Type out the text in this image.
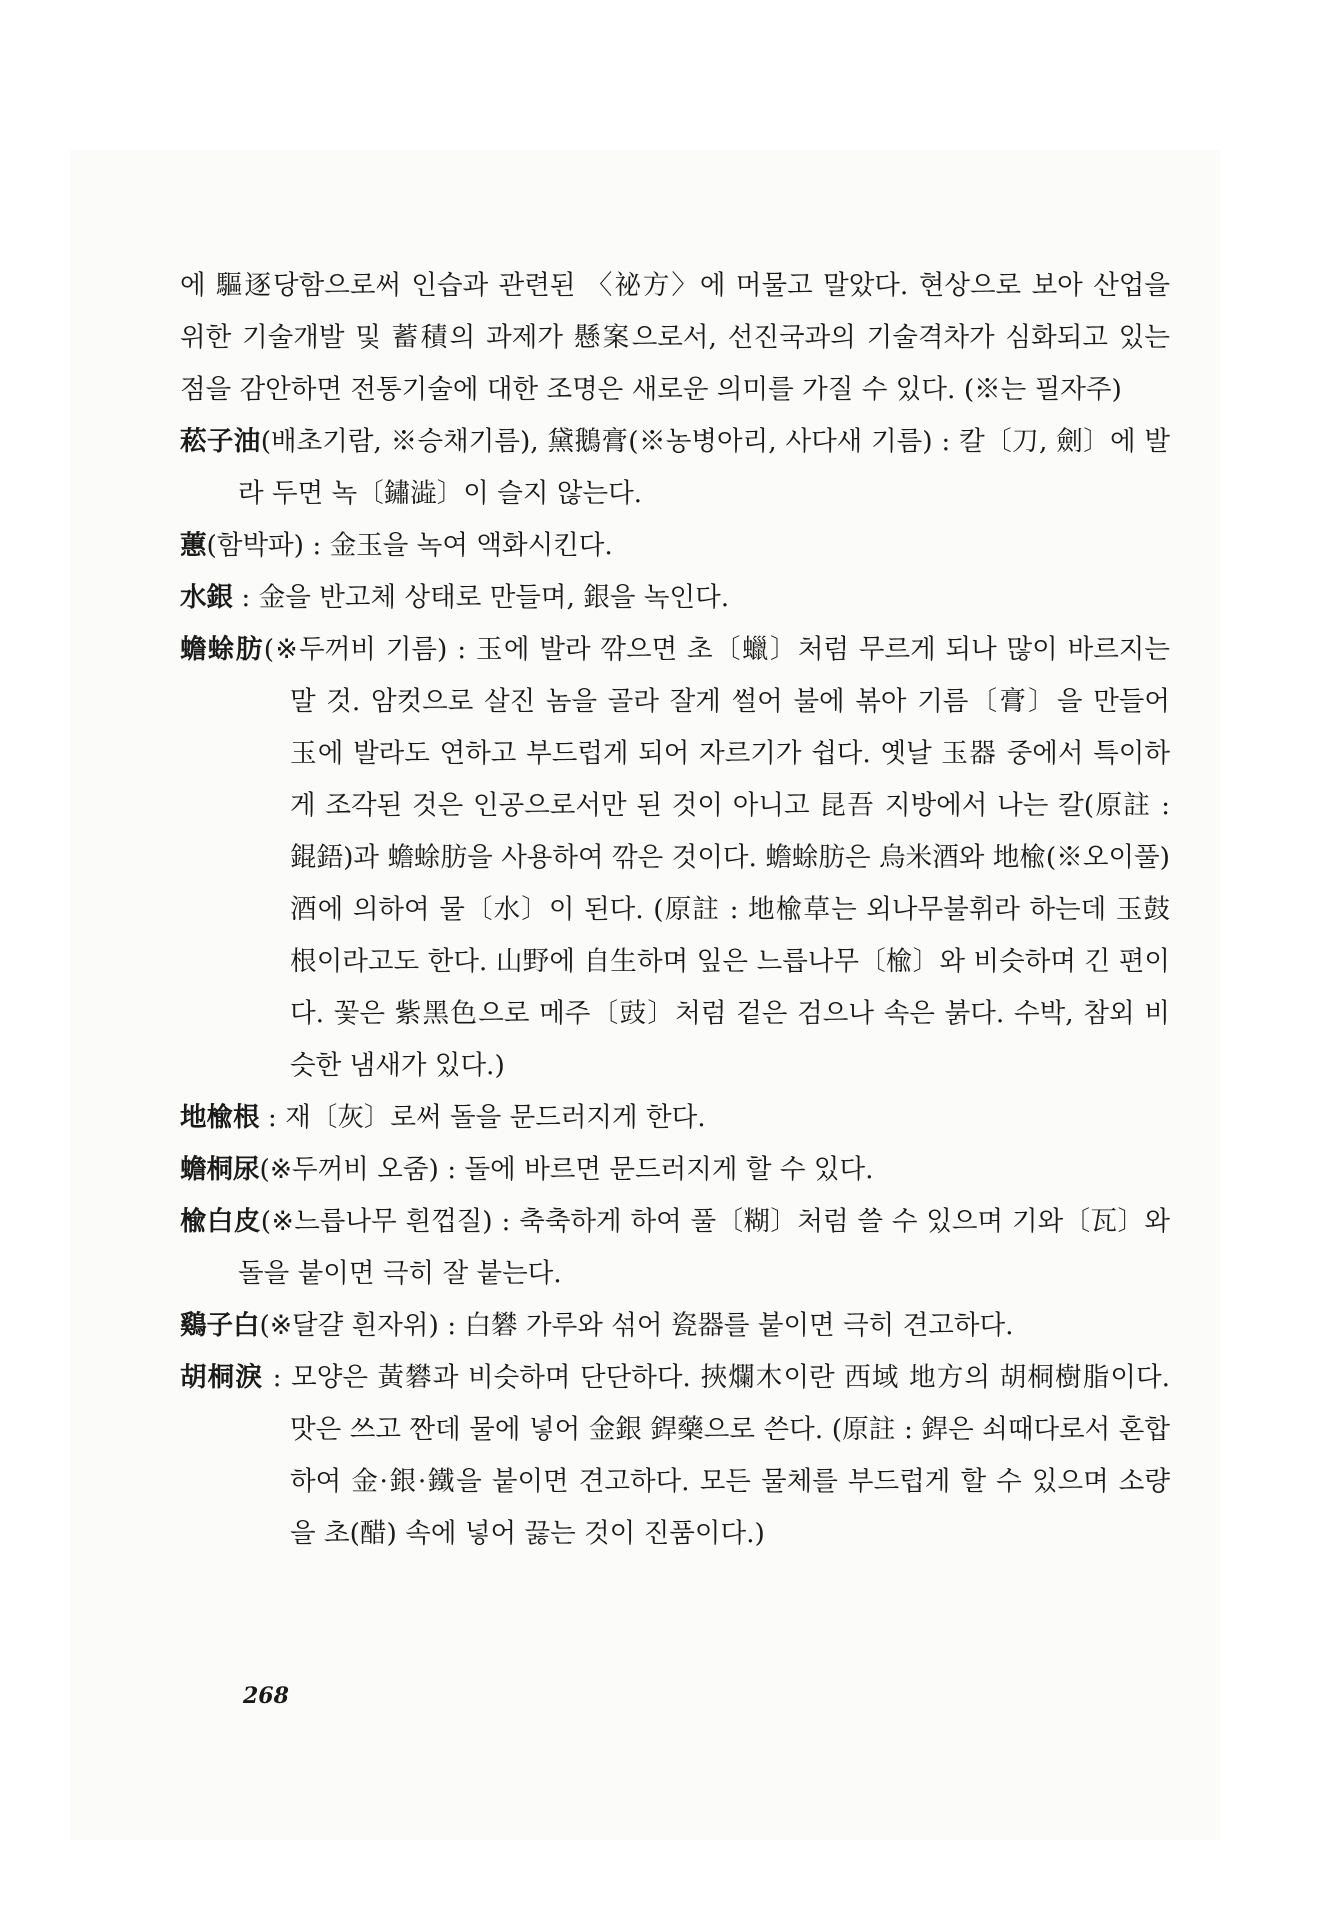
에 驅逐당함으로써 인습과 관련된 〈祕方〉에 머물고 말았다. 현상으로 보아 산업을 위한 기술개발 및 蓄積의 과제가 懸案으로서, 선진국과의 기술격차가 심화되고 있는 점을 감안하면 전통기술에 대한 조명은 새로운 의미를 가질 수 있다. (※는 필자주)

菘子油(배초기람, ※승채기름), 黛鵝膏(※농병아리, 사다새 기름) : 칼〔刀, 劍〕에 발라 두면 녹〔鏽澁〕이 슬지 않는다.

蕙(함박파) : 金玉을 녹여 액화시킨다.

水銀 : 金을 반고체 상태로 만들며, 銀을 녹인다.

蟾蜍肪(※두꺼비 기름) : 玉에 발라 깎으면 초〔蠟〕처럼 무르게 되나 많이 바르지는 말 것. 암컷으로 살진 놈을 골라 잘게 썰어 불에 볶아 기름〔膏〕을 만들어 玉에 발라도 연하고 부드럽게 되어 자르기가 쉽다. 옛날 玉器 중에서 특이하게 조각된 것은 인공으로서만 된 것이 아니고 昆吾 지방에서 나는 칼(原註 : 錕鋙)과 蟾蜍肪을 사용하여 깎은 것이다. 蟾蜍肪은 烏米酒와 地楡(※오이풀)酒에 의하여 물〔水〕이 된다. (原註 : 地楡草는 외나무불휘라 하는데 玉鼓根이라고도 한다. 山野에 自生하며 잎은 느릅나무〔楡〕와 비슷하며 긴 편이다. 꽃은 紫黑色으로 메주〔豉〕처럼 겉은 검으나 속은 붉다. 수박, 참외 비슷한 냄새가 있다.)

地楡根 : 재〔灰〕로써 돌을 문드러지게 한다.

蟾桐尿(※두꺼비 오줌) : 돌에 바르면 문드러지게 할 수 있다.

楡白皮(※느릅나무 흰껍질) : 축축하게 하여 풀〔糊〕처럼 쓸 수 있으며 기와〔瓦〕와 돌을 붙이면 극히 잘 붙는다.

鷄子白(※달걀 흰자위) : 白礬 가루와 섞어 瓷器를 붙이면 극히 견고하다.

胡桐淚 : 모양은 黃礬과 비슷하며 단단하다. 挾爛木이란 西域 地方의 胡桐樹脂이다. 맛은 쓰고 짠데 물에 넣어 金銀 銲藥으로 쓴다. (原註 : 銲은 쇠때다로서 혼합하여 金·銀·鐵을 붙이면 견고하다. 모든 물체를 부드럽게 할 수 있으며 소량을 초(醋) 속에 넣어 끓는 것이 진품이다.)

268
